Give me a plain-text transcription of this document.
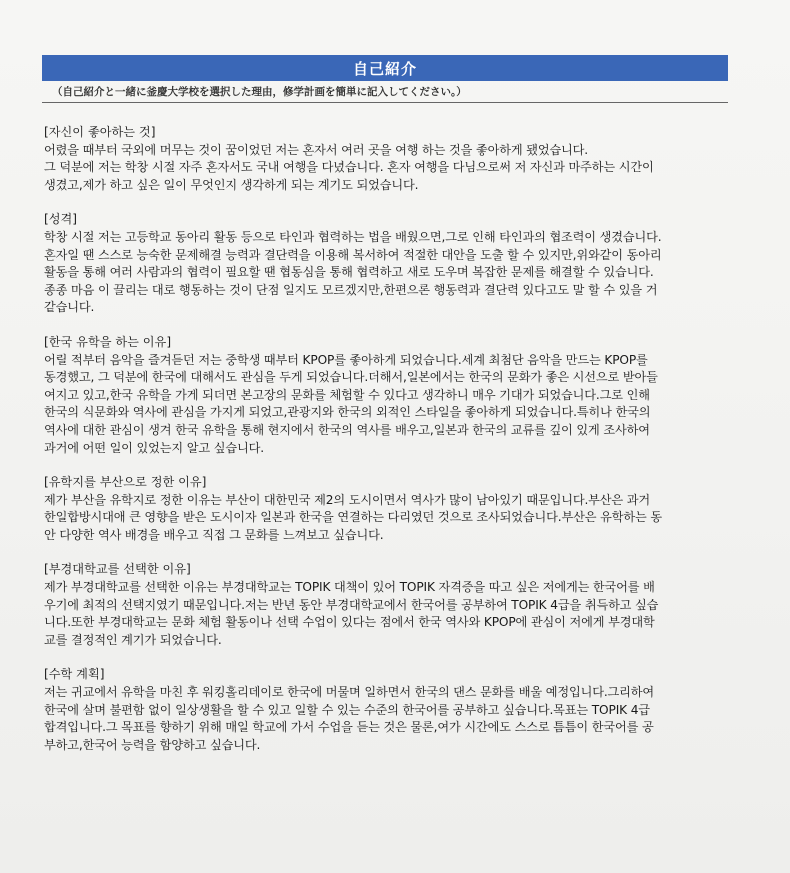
自己紹介
（自己紹介と一緒に釜慶大学校を選択した理由，修学計画を簡単に記入してください。）
[자신이 좋아하는 것]
어렸을 때부터 국외에 머무는 것이 꿈이었던 저는 혼자서 여러 곳을 여행 하는 것을 좋아하게 됐었습니다.
그 덕분에 저는 학창 시절 자주 혼자서도 국내 여행을 다녔습니다. 혼자 여행을 다님으로써 저 자신과 마주하는 시간이
생겼고,제가 하고 싶은 일이 무엇인지 생각하게 되는 계기도 되었습니다.
[성격]
학창 시절 저는 고등학교 동아리 활동 등으로 타인과 협력하는 법을 배웠으면,그로 인해 타인과의 협조력이 생겼습니다.
혼자일 땐 스스로 능숙한 문제해결 능력과 결단력을 이용해 복서하여 적절한 대안을 도출 할 수 있지만,위와같이 동아리
활동을 통해 여러 사람과의 협력이 필요할 땐 협동심을 통해 협력하고 새로 도우며 복잡한 문제를 해결할 수 있습니다.
종종 마음 이 끌리는 대로 행동하는 것이 단점 일지도 모르겠지만,한편으론 행동력과 결단력 있다고도 말 할 수 있을 거
같습니다.
[한국 유학을 하는 이유]
어릴 적부터 음악을 즐겨듣던 저는 중학생 때부터 KPOP를 좋아하게 되었습니다.세계 최첨단 음악을 만드는 KPOP를
동경했고, 그 덕분에 한국에 대해서도 관심을 두게 되었습니다.더해서,일본에서는 한국의 문화가 좋은 시선으로 받아들
여지고 있고,한국 유학을 가게 되더면 본고장의 문화를 체험할 수 있다고 생각하니 매우 기대가 되었습니다.그로 인해
한국의 식문화와 역사에 관심을 가지게 되었고,관광지와 한국의 외적인 스타일을 좋아하게 되었습니다.특히나 한국의
역사에 대한 관심이 생겨 한국 유학을 통해 현지에서 한국의 역사를 배우고,일본과 한국의 교류를 깊이 있게 조사하여
과거에 어떤 일이 있었는지 알고 싶습니다.
[유학지를 부산으로 정한 이유]
제가 부산을 유학지로 정한 이유는 부산이 대한민국 제2의 도시이면서 역사가 많이 남아있기 때문입니다.부산은 과거
한일합방시대애 큰 영향을 받은 도시이자 일본과 한국을 연결하는 다리였던 것으로 조사되었습니다.부산은 유학하는 동
안 다양한 역사 배경을 배우고 직접 그 문화를 느껴보고 싶습니다.
[부경대학교를 선택한 이유]
제가 부경대학교를 선택한 이유는 부경대학교는 TOPIK 대책이 있어 TOPIK 자격증을 따고 싶은 저에게는 한국어를 배
우기에 최적의 선택지였기 때문입니다.저는 반년 동안 부경대학교에서 한국어를 공부하여 TOPIK 4급을 취득하고 싶습
니다.또한 부경대학교는 문화 체험 활동이나 선택 수업이 있다는 점에서 한국 역사와 KPOP에 관심이 저에게 부경대학
교를 결정적인 계기가 되었습니다.
[수학 계획]
저는 귀교에서 유학을 마친 후 워킹홀리데이로 한국에 머물며 일하면서 한국의 댄스 문화를 배울 예정입니다.그리하여
한국에 살며 불편함 없이 일상생활을 할 수 있고 일할 수 있는 수준의 한국어를 공부하고 싶습니다.목표는 TOPIK 4급
합격입니다.그 목표를 향하기 위해 매일 학교에 가서 수업을 듣는 것은 물론,여가 시간에도 스스로 틈틈이 한국어를 공
부하고,한국어 능력을 함양하고 싶습니다.
